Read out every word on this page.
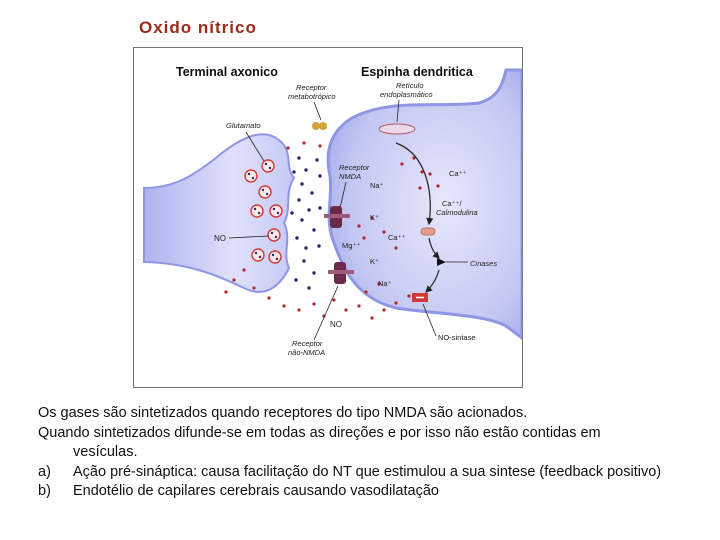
Oxido nítrico
Terminal axonico	Espinha dendritica
Receptor
metabotrópico
Retículo
endoplasmático
Glutamato
Receptor
NMDA
Na⁺
K⁺
Ca⁺⁺
Ca⁺⁺
Mg⁺⁺
K⁺
Na⁺
NO
Ca⁺⁺/
Calmodulina
Cinases
NO-sintase
NO
Receptor
não-NMDA

Os gases são sintetizados quando receptores do tipo NMDA são acionados.

Quando sintetizados difunde-se em todas as direções e por isso não estão contidas em

vesículas.

a) Ação pré-sináptica: causa facilitação do NT que estimulou a sua sintese (feedback positivo)
b) Endotélio de capilares cerebrais causando vasodilatação
